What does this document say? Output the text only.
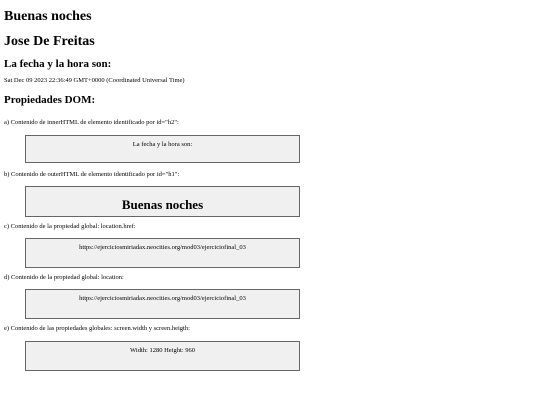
Buenas noches
Jose De Freitas
La fecha y la hora son:
Sat Dec 09 2023 22:36:49 GMT+0000 (Coordinated Universal Time)
Propiedades DOM:
a) Contenido de innerHTML de elemento identificado por id="h2":
La fecha y la hora son:
b) Contenido de outerHTML de elemento identificado por id="h1":
Buenas noches
c) Contenido de la propiedad global: location.href:
https://ejerciciosmiriadax.neocities.org/mod03/ejerciciofinal_03
d) Contenido de la propiedad global: location:
https://ejerciciosmiriadax.neocities.org/mod03/ejerciciofinal_03
e) Contenido de las propiedades globales: screen.width y screen.heigth:
Width: 1280 Height: 960
